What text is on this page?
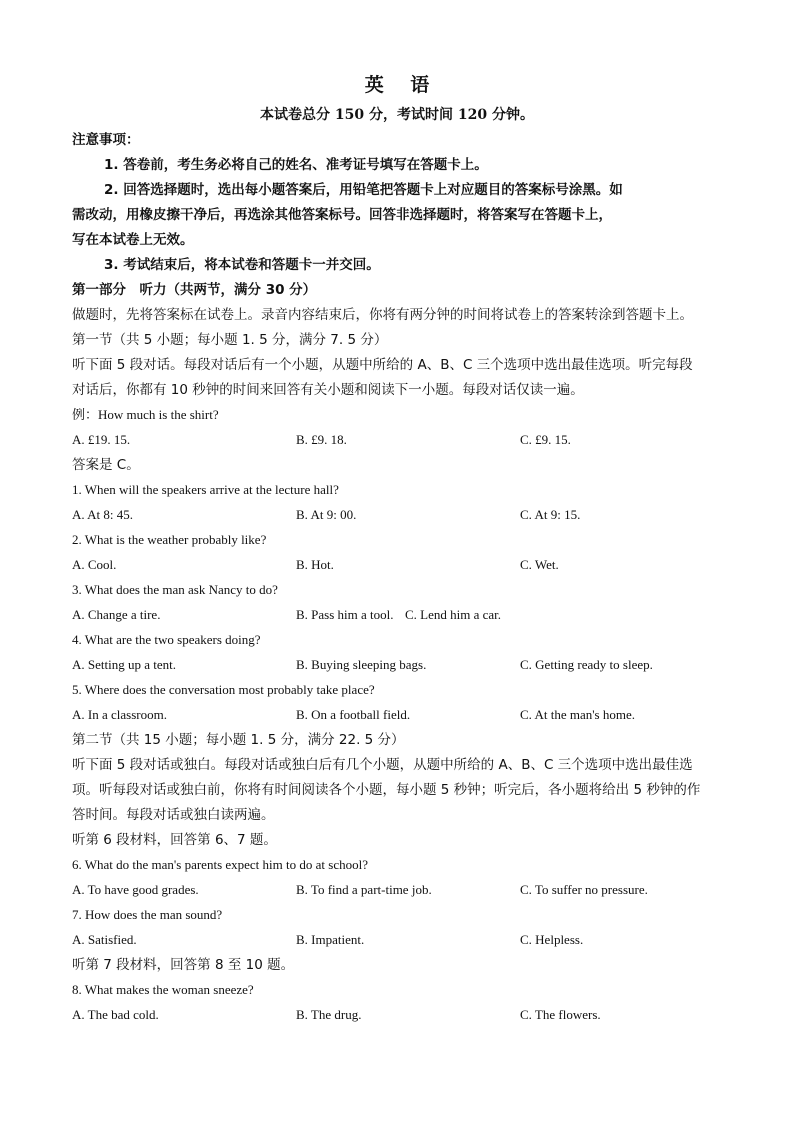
英 语
本试卷总分 150 分，考试时间 120 分钟。
注意事项：
1. 答卷前，考生务必将自己的姓名、准考证号填写在答题卡上。
2. 回答选择题时，选出每小题答案后，用铅笔把答题卡上对应题目的答案标号涂黑。如
需改动，用橡皮擦干净后，再选涂其他答案标号。回答非选择题时，将答案写在答题卡上，
写在本试卷上无效。
3. 考试结束后，将本试卷和答题卡一并交回。
第一部分　听力（共两节，满分 30 分）
做题时，先将答案标在试卷上。录音内容结束后，你将有两分钟的时间将试卷上的答案转涂到答题卡上。
第一节（共 5 小题；每小题 1. 5 分，满分 7. 5 分）
听下面 5 段对话。每段对话后有一个小题，从题中所给的 A、B、C 三个选项中选出最佳选项。听完每段
对话后，你都有 10 秒钟的时间来回答有关小题和阅读下一小题。每段对话仅读一遍。
例：How much is the shirt?
A. £19. 15.	B. £9. 18.	C. £9. 15.
答案是 C。
1. When will the speakers arrive at the lecture hall?
A. At 8: 45.	B. At 9: 00.	C. At 9: 15.
2. What is the weather probably like?
A. Cool.	B. Hot.	C. Wet.
3. What does the man ask Nancy to do?
A. Change a tire.	B. Pass him a tool. C. Lend him a car.
4. What are the two speakers doing?
A. Setting up a tent.	B. Buying sleeping bags.	C. Getting ready to sleep.
5. Where does the conversation most probably take place?
A. In a classroom.	B. On a football field.	C. At the man's home.
第二节（共 15 小题；每小题 1. 5 分，满分 22. 5 分）
听下面 5 段对话或独白。每段对话或独白后有几个小题，从题中所给的 A、B、C 三个选项中选出最佳选
项。听每段对话或独白前，你将有时间阅读各个小题，每小题 5 秒钟；听完后，各小题将给出 5 秒钟的作
答时间。每段对话或独白读两遍。
听第 6 段材料，回答第 6、7 题。
6. What do the man's parents expect him to do at school?
A. To have good grades.	B. To find a part-time job.	C. To suffer no pressure.
7. How does the man sound?
A. Satisfied.	B. Impatient.	C. Helpless.
听第 7 段材料，回答第 8 至 10 题。
8. What makes the woman sneeze?
A. The bad cold.	B. The drug.	C. The flowers.
